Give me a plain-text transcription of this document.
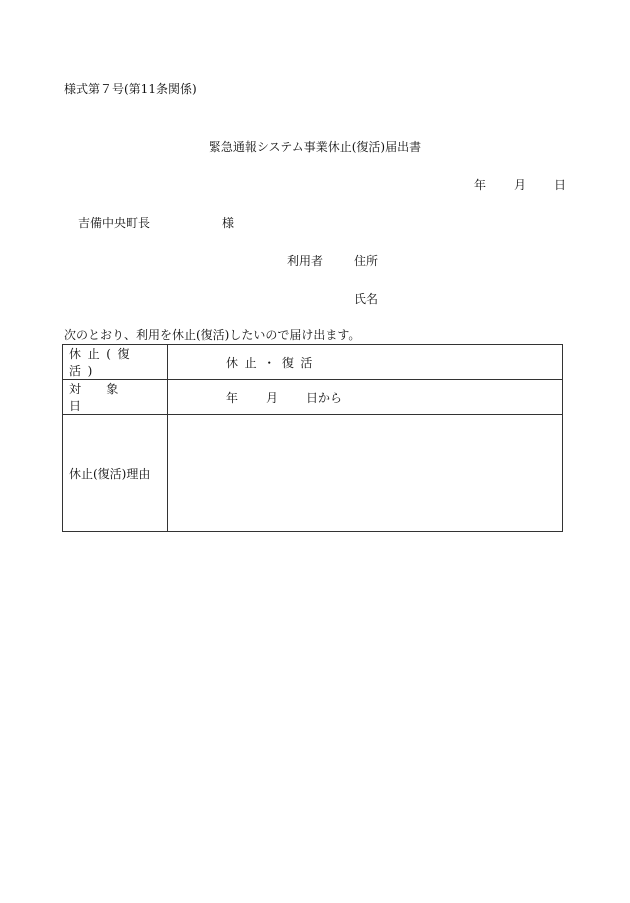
様式第７号(第11条関係)
緊急通報システム事業休止(復活)届出書
年 月 日
吉備中央町長	様
利用者	住所
氏名
次のとおり、利用を休止(復活)したいので届け出ます。
休止(復活)	休止・復活
対象日	年 月 日から
休止(復活)理由	
